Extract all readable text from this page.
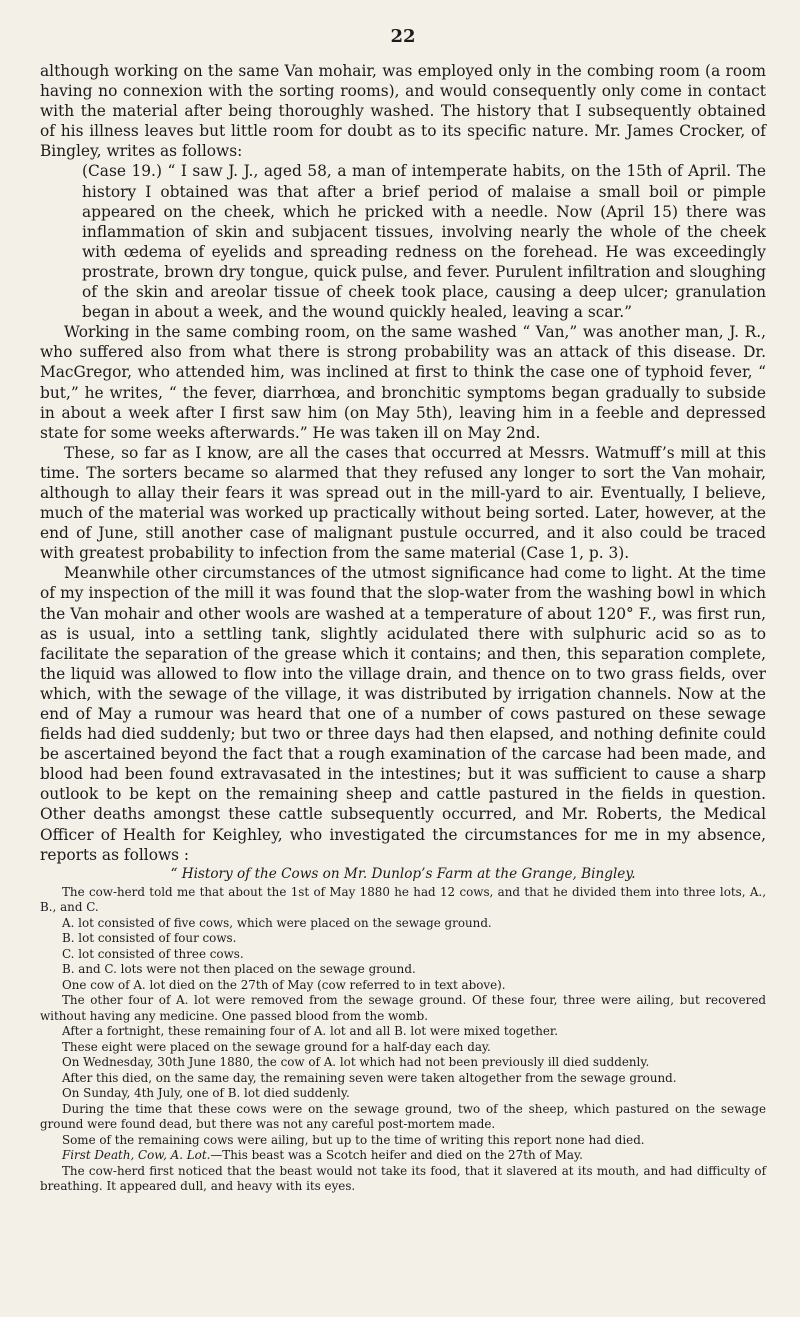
22

although working on the same Van mohair, was employed only in the combing room (a room having no connexion with the sorting rooms), and would consequently only come in contact with the material after being thoroughly washed. The history that I subsequently obtained of his illness leaves but little room for doubt as to its specific nature. Mr. James Crocker, of Bingley, writes as follows:

(Case 19.) “ I saw J. J., aged 58, a man of intemperate habits, on the 15th of April. The history I obtained was that after a brief period of malaise a small boil or pimple appeared on the cheek, which he pricked with a needle. Now (April 15) there was inflammation of skin and subjacent tissues, involving nearly the whole of the cheek with œdema of eyelids and spreading redness on the forehead. He was exceedingly prostrate, brown dry tongue, quick pulse, and fever. Purulent infiltration and sloughing of the skin and areolar tissue of cheek took place, causing a deep ulcer; granulation began in about a week, and the wound quickly healed, leaving a scar.”

Working in the same combing room, on the same washed “ Van,” was another man, J. R., who suffered also from what there is strong probability was an attack of this disease. Dr. MacGregor, who attended him, was inclined at first to think the case one of typhoid fever, “ but,” he writes, “ the fever, diarrhœa, and bronchitic symptoms began gradually to subside in about a week after I first saw him (on May 5th), leaving him in a feeble and depressed state for some weeks afterwards.” He was taken ill on May 2nd.

These, so far as I know, are all the cases that occurred at Messrs. Watmuff’s mill at this time. The sorters became so alarmed that they refused any longer to sort the Van mohair, although to allay their fears it was spread out in the mill-yard to air. Eventually, I believe, much of the material was worked up practically without being sorted. Later, however, at the end of June, still another case of malignant pustule occurred, and it also could be traced with greatest probability to infection from the same material (Case 1, p. 3).

Meanwhile other circumstances of the utmost significance had come to light. At the time of my inspection of the mill it was found that the slop-water from the washing bowl in which the Van mohair and other wools are washed at a temperature of about 120° F., was first run, as is usual, into a settling tank, slightly acidulated there with sulphuric acid so as to facilitate the separation of the grease which it contains; and then, this separation complete, the liquid was allowed to flow into the village drain, and thence on to two grass fields, over which, with the sewage of the village, it was distributed by irrigation channels. Now at the end of May a rumour was heard that one of a number of cows pastured on these sewage fields had died suddenly; but two or three days had then elapsed, and nothing definite could be ascertained beyond the fact that a rough examination of the carcase had been made, and blood had been found extravasated in the intestines; but it was sufficient to cause a sharp outlook to be kept on the remaining sheep and cattle pastured in the fields in question. Other deaths amongst these cattle subsequently occurred, and Mr. Roberts, the Medical Officer of Health for Keighley, who investigated the circumstances for me in my absence, reports as follows :

“ History of the Cows on Mr. Dunlop’s Farm at the Grange, Bingley.

The cow-herd told me that about the 1st of May 1880 he had 12 cows, and that he divided them into three lots, A., B., and C.

A. lot consisted of five cows, which were placed on the sewage ground.

B. lot consisted of four cows.

C. lot consisted of three cows.

B. and C. lots were not then placed on the sewage ground.

One cow of A. lot died on the 27th of May (cow referred to in text above).

The other four of A. lot were removed from the sewage ground. Of these four, three were ailing, but recovered without having any medicine. One passed blood from the womb.

After a fortnight, these remaining four of A. lot and all B. lot were mixed together.

These eight were placed on the sewage ground for a half-day each day.

On Wednesday, 30th June 1880, the cow of A. lot which had not been previously ill died suddenly.

After this died, on the same day, the remaining seven were taken altogether from the sewage ground.

On Sunday, 4th July, one of B. lot died suddenly.

During the time that these cows were on the sewage ground, two of the sheep, which pastured on the sewage ground were found dead, but there was not any careful post-mortem made.

Some of the remaining cows were ailing, but up to the time of writing this report none had died.

First Death, Cow, A. Lot.—This beast was a Scotch heifer and died on the 27th of May.

The cow-herd first noticed that the beast would not take its food, that it slavered at its mouth, and had difficulty of breathing. It appeared dull, and heavy with its eyes.
